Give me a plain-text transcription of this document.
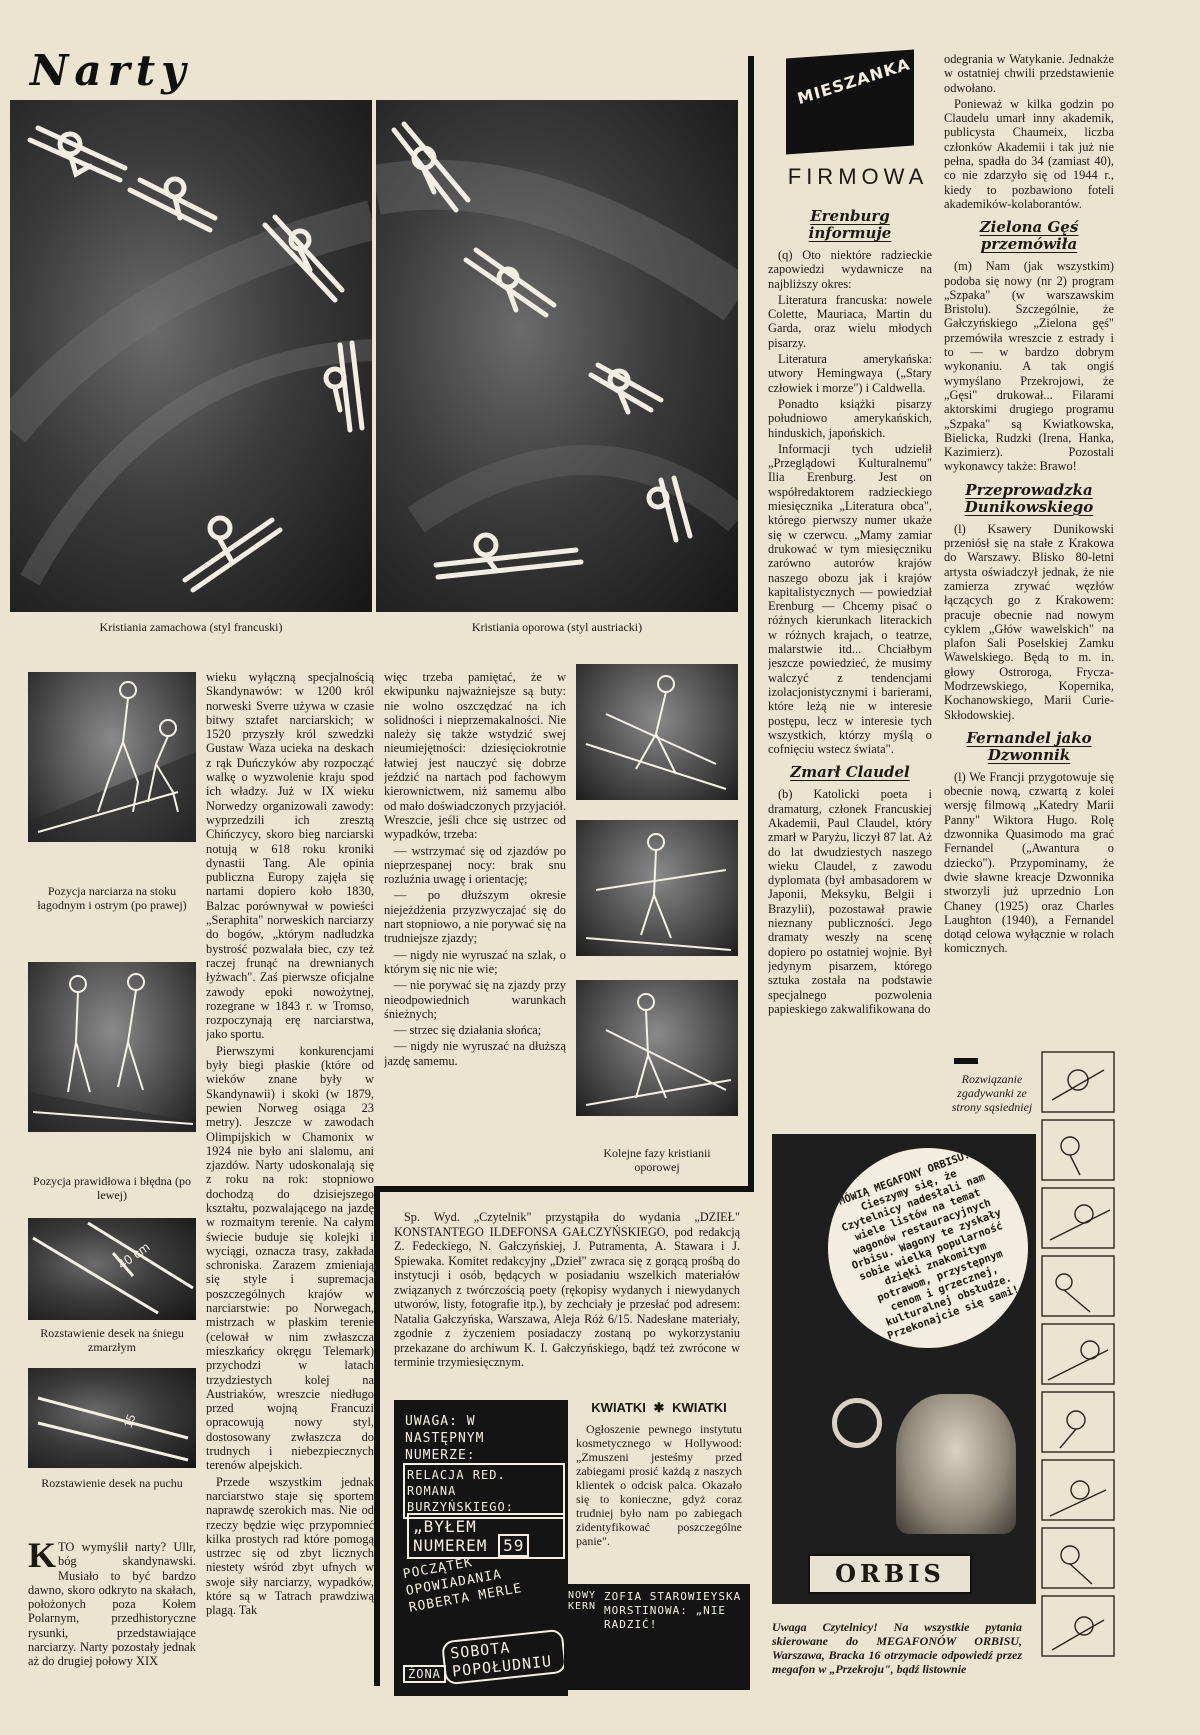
Narty
Kristiania zamachowa (styl francuski)	Kristiania oporowa (styl austriacki)
Pozycja narciarza na stoku łagodnym i ostrym (po prawej)
Pozycja prawidłowa i błędna (po lewej)
40 cm
Rozstawienie desek na śniegu zmarzłym
15
Rozstawienie desek na puchu
KTO wymyślił narty? Ullr, bóg skandynawski. Musiało to być bardzo dawno, skoro odkryto na skałach, położonych poza Kołem Polarnym, przedhistoryczne rysunki, przedstawiające narciarzy. Narty pozostały jednak aż do drugiej połowy XIX

wieku wyłączną specjalnością Skandynawów: w 1200 król norweski Sverre używa w czasie bitwy sztafet narciarskich; w 1520 przyszły król szwedzki Gustaw Waza ucieka na deskach z rąk Duńczyków aby rozpocząć walkę o wyzwolenie kraju spod ich władzy. Już w IX wieku Norwedzy organizowali zawody: wyprzedzili ich zresztą Chińczycy, skoro bieg narciarski notują w 618 roku kroniki dynastii Tang. Ale opinia publiczna Europy zajęła się nartami dopiero koło 1830, Balzac porównywał w powieści „Seraphita" norweskich narciarzy do bogów, „którym nadludzka bystrość pozwalała biec, czy też raczej frunąć na drewnianych łyżwach". Zaś pierwsze oficjalne zawody epoki nowożytnej, rozegrane w 1843 r. w Tromso, rozpoczynają erę narciarstwa, jako sportu.

Pierwszymi konkurencjami były biegi płaskie (które od wieków znane były w Skandynawii) i skoki (w 1879, pewien Norweg osiąga 23 metry). Jeszcze w zawodach Olimpijskich w Chamonix w 1924 nie było ani slalomu, ani zjazdów. Narty udoskonalają się z roku na rok: stopniowo dochodzą do dzisiejszego kształtu, pozwalającego na jazdę w rozmaitym terenie. Na całym świecie buduje się kolejki i wyciągi, oznacza trasy, zakłada schroniska. Zarazem zmieniają się style i supremacja poszczególnych krajów w narciarstwie: po Norwegach, mistrzach w płaskim terenie (celował w nim zwłaszcza mieszkańcy okręgu Telemark) przychodzi w latach trzydziestych kolej na Austriaków, wreszcie niedługo przed wojną Francuzi opracowują nowy styl, dostosowany zwłaszcza do trudnych i niebezpiecznych terenów alpejskich.

Przede wszystkim jednak narciarstwo staje się sportem naprawdę szerokich mas. Nie od rzeczy będzie więc przypomnieć kilka prostych rad które pomogą ustrzec się od zbyt licznych niestety wśród zbyt ufnych w swoje siły narciarzy, wypadków, które są w Tatrach prawdziwą plagą. Tak

więc trzeba pamiętać, że w ekwipunku najważniejsze są buty: nie wolno oszczędzać na ich solidności i nieprzemakalności. Nie należy się także wstydzić swej nieumiejętności: dziesięciokrotnie łatwiej jest nauczyć się dobrze jeździć na nartach pod fachowym kierownictwem, niż samemu albo od mało doświadczonych przyjaciół. Wreszcie, jeśli chce się ustrzec od wypadków, trzeba:

— wstrzymać się od zjazdów po nieprzespanej nocy: brak snu rozluźnia uwagę i orientację;

— po dłuższym okresie niejeżdżenia przyzwyczajać się do nart stopniowo, a nie porywać się na trudniejsze zjazdy;

— nigdy nie wyruszać na szlak, o którym się nic nie wie;

— nie porywać się na zjazdy przy nieodpowiednich warunkach śnieżnych;

— strzec się działania słońca;

— nigdy nie wyruszać na dłuższą jazdę samemu.

Kolejne fazy kristianii oporowej

Sp. Wyd. „Czytelnik" przystąpiła do wydania „DZIEŁ" KONSTANTEGO ILDEFONSA GAŁCZYŃSKIEGO, pod redakcją Z. Fedeckiego, N. Gałczyńskiej, J. Putramenta, A. Stawara i J. Spiewaka. Komitet redakcyjny „Dzieł" zwraca się z gorącą prośbą do instytucji i osób, będących w posiadaniu wszelkich materiałów związanych z twórczością poety (rękopisy wydanych i niewydanych utworów, listy, fotografie itp.), by zechciały je przesłać pod adresem: Natalia Gałczyńska, Warszawa, Aleja Róż 6/15. Nadesłane materiały, zgodnie z życzeniem posiadaczy zostaną po wykorzystaniu przekazane do archiwum K. I. Gałczyńskiego, bądź też zwrócone w terminie trzymiesięcznym.

UWAGA: W NASTĘPNYM NUMERZE:
RELACJA RED. ROMANA BURZYŃSKIEGO:
„BYŁEM NUMEREM 59
POCZĄTEK OPOWIADANIA ROBERTA MERLE
SOBOTA POPOŁUDNIU
ŻONA
NOWY KERN
ZOFIA STAROWIEYSKA MORSTINOWA: „NIE RADZIĆ!
KWIATKI ✱ KWIATKI

Ogłoszenie pewnego instytutu kosmetycznego w Hollywood: „Zmuszeni jesteśmy przed zabiegami prosić każdą z naszych klientek o odcisk palca. Okazało się to konieczne, gdyż coraz trudniej było nam po zabiegach zidentyfikować poszczególne panie".

MIESZANKA
FIRMOWA
Erenburg informuje

(q) Oto niektóre radzieckie zapowiedzi wydawnicze na najbliższy okres:

Literatura francuska: nowele Colette, Mauriaca, Martin du Garda, oraz wielu młodych pisarzy.

Literatura amerykańska: utwory Hemingwaya („Stary człowiek i morze") i Caldwella.

Ponadto książki pisarzy południowo amerykańskich, hinduskich, japońskich.

Informacji tych udzielił „Przeglądowi Kulturalnemu" Ilia Erenburg. Jest on współredaktorem radzieckiego miesięcznika „Literatura obca", którego pierwszy numer ukaże się w czerwcu. „Mamy zamiar drukować w tym miesięczniku zarówno autorów krajów naszego obozu jak i krajów kapitalistycznych — powiedział Erenburg — Chcemy pisać o różnych kierunkach literackich w różnych krajach, o teatrze, malarstwie itd... Chciałbym jeszcze powiedzieć, że musimy walczyć z tendencjami izolacjonistycznymi i barierami, które leżą nie w interesie postępu, lecz w interesie tych wszystkich, którzy myślą o cofnięciu wstecz świata".

Zmarł Claudel

(b) Katolicki poeta i dramaturg, członek Francuskiej Akademii, Paul Claudel, który zmarł w Paryżu, liczył 87 lat. Aż do lat dwudziestych naszego wieku Claudel, z zawodu dyplomata (był ambasadorem w Japonii, Meksyku, Belgii i Brazylii), pozostawał prawie nieznany publiczności. Jego dramaty weszły na scenę dopiero po ostatniej wojnie. Był jedynym pisarzem, którego sztuka została na podstawie specjalnego pozwolenia papieskiego zakwalifikowana do

odegrania w Watykanie. Jednakże w ostatniej chwili przedstawienie odwołano.

Ponieważ w kilka godzin po Claudelu umarł inny akademik, publicysta Chaumeix, liczba członków Akademii i tak już nie pełna, spadła do 34 (zamiast 40), co nie zdarzyło się od 1944 r., kiedy to pozbawiono foteli akademików-kolaborantów.

Zielona Gęś przemówiła

(m) Nam (jak wszystkim) podoba się nowy (nr 2) program „Szpaka" (w warszawskim Bristolu). Szczególnie, że Gałczyńskiego „Zielona gęś" przemówiła wreszcie z estrady i to — w bardzo dobrym wykonaniu. A tak ongiś wymyślano Przekrojowi, że „Gęsi" drukował... Filarami aktorskimi drugiego programu „Szpaka" są Kwiatkowska, Bielicka, Rudzki (Irena, Hanka, Kazimierz). Pozostali wykonawcy także: Brawo!

Przeprowadzka Dunikowskiego

(l) Ksawery Dunikowski przeniósł się na stałe z Krakowa do Warszawy. Blisko 80-letni artysta oświadczył jednak, że nie zamierza zrywać węzłów łączących go z Krakowem: pracuje obecnie nad nowym cyklem „Głów wawelskich" na plafon Sali Poselskiej Zamku Wawelskiego. Będą to m. in. głowy Ostroroga, Frycza-Modrzewskiego, Kopernika, Kochanowskiego, Marii Curie-Skłodowskiej.

Fernandel jako Dzwonnik

(l) We Francji przygotowuje się obecnie nową, czwartą z kolei wersję filmową „Katedry Marii Panny" Wiktora Hugo. Rolę dzwonnika Quasimodo ma grać Fernandel („Awantura o dziecko"). Przypominamy, że dwie sławne kreacje Dzwonnika stworzyli już uprzednio Lon Chaney (1925) oraz Charles Laughton (1940), a Fernandel dotąd celowa wyłącznie w rolach komicznych.

Rozwiązanie zgadywanki ze strony sąsiedniej
MÓWIĄ MEGAFONY ORBISU: Cieszymy się, że Czytelnicy nadesłali nam wiele listów na temat wagonów restauracyjnych Orbisu. Wagony te zyskały sobie wielką popularność dzięki znakomitym potrawom, przystępnym cenom i grzecznej, kulturalnej obsłudze. Przekonajcie się sami!
ORBIS
Uwaga Czytelnicy! Na wszystkie pytania skierowane do MEGAFONÓW ORBISU, Warszawa, Bracka 16 otrzymacie odpowiedź przez megafon w „Przekroju", bądź listownie
